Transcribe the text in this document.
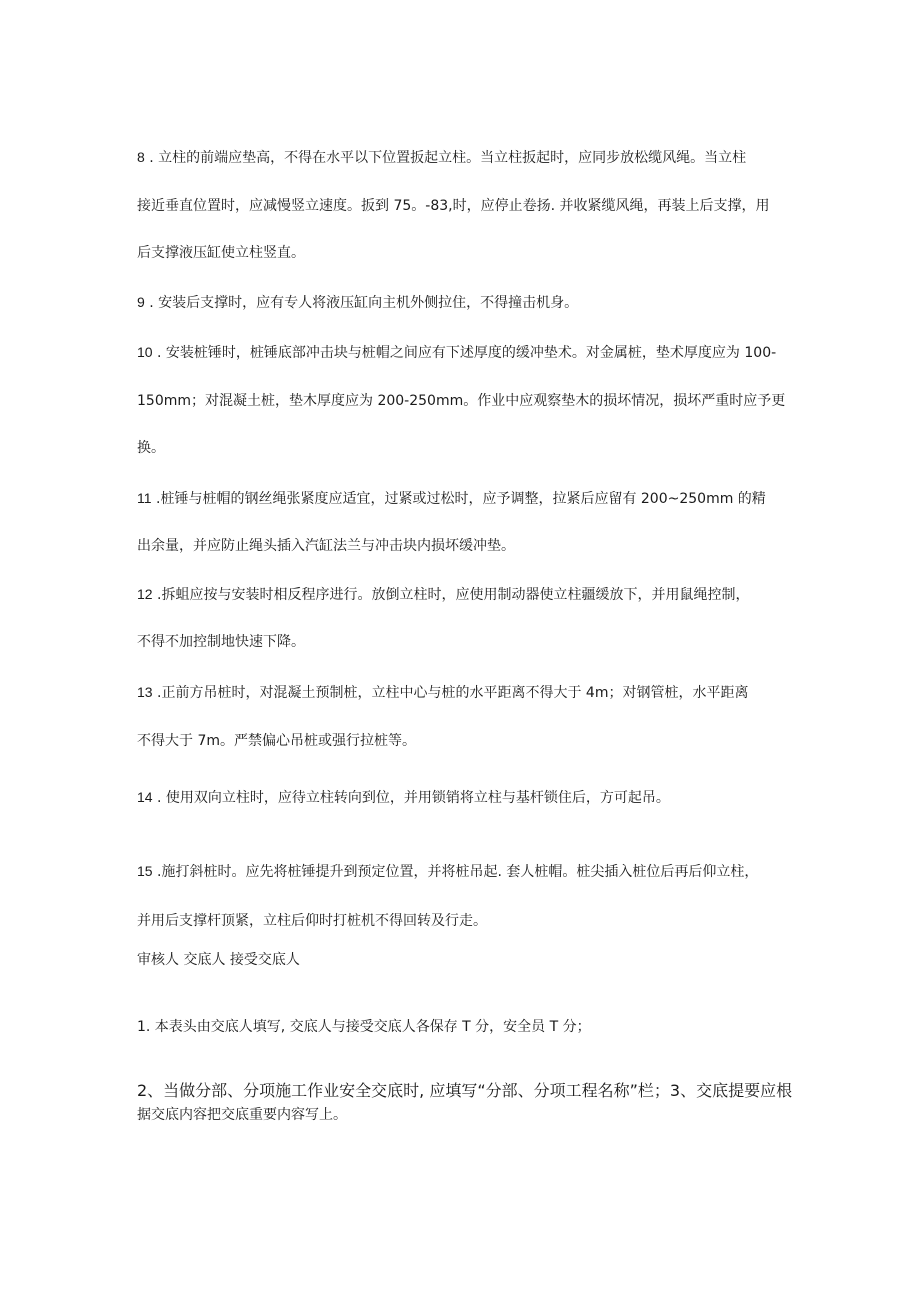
8 . 立柱的前端应垫高，不得在水平以下位置扳起立柱。当立柱扳起时，应同步放松缆风绳。当立柱
接近垂直位置时，应减慢竖立速度。扳到 75。-83,时，应停止卷扬. 并收紧缆风绳，再装上后支撑，用
后支撑液压缸使立柱竖直。
9 . 安装后支撑时，应有专人将液压缸向主机外侧拉住，不得撞击机身。
10 . 安装桩锤时，桩锤底部冲击块与桩帽之间应有下述厚度的缓冲垫术。对金属桩，垫术厚度应为 100-
150mm；对混凝土桩，垫木厚度应为 200-250mm。作业中应观察垫木的损坏情况，损坏严重时应予更
换。
11 .桩锤与桩帽的钢丝绳张紧度应适宜，过紧或过松时，应予调整，拉紧后应留有 200~250mm 的精
出余量，并应防止绳头插入汽缸法兰与冲击块内损坏缓冲垫。
12 .拆蛆应按与安装时相反程序进行。放倒立柱时，应使用制动器使立柱疆缓放下，并用鼠绳控制，
不得不加控制地快速下降。
13 .正前方吊桩时，对混凝土预制桩，立柱中心与桩的水平距离不得大于 4m；对钢管桩，水平距离
不得大于 7m。严禁偏心吊桩或强行拉桩等。
14 . 使用双向立柱时，应待立柱转向到位，并用锁销将立柱与基杆锁住后，方可起吊。
15 .施打斜桩时。应先将桩锤提升到预定位置，并将桩吊起. 套人桩帽。桩尖插入桩位后再后仰立柱，
并用后支撑杆顶紧，立柱后仰时打桩机不得回转及行走。
审核人 交底人 接受交底人
1. 本表头由交底人填写, 交底人与接受交底人各保存 T 分，安全员 T 分；
2、当做分部、分项施工作业安全交底时, 应填写“分部、分项工程名称”栏；3、交底提要应根
据交底内容把交底重要内容写上。
